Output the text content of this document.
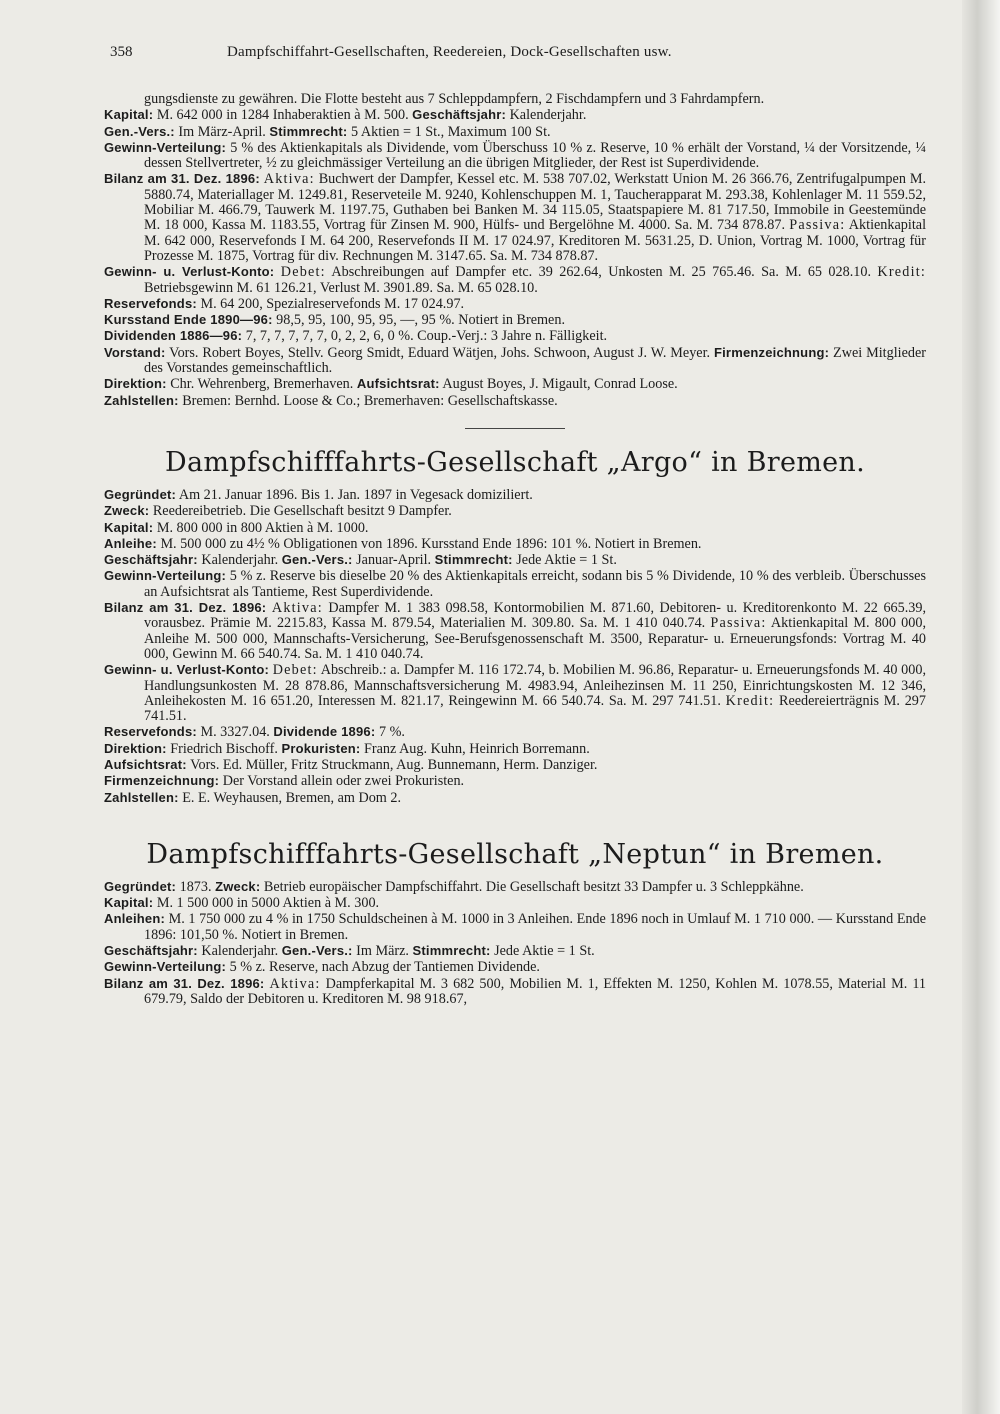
358	Dampfschiffahrt-Gesellschaften, Reedereien, Dock-Gesellschaften usw.

gungsdienste zu gewähren. Die Flotte besteht aus 7 Schleppdampfern, 2 Fischdampfern und 3 Fahrdampfern.

Kapital: M. 642 000 in 1284 Inhaberaktien à M. 500. Geschäftsjahr: Kalenderjahr.

Gen.-Vers.: Im März-April. Stimmrecht: 5 Aktien = 1 St., Maximum 100 St.

Gewinn-Verteilung: 5 % des Aktienkapitals als Dividende, vom Überschuss 10 % z. Reserve, 10 % erhält der Vorstand, ¼ der Vorsitzende, ¼ dessen Stellvertreter, ½ zu gleichmässiger Verteilung an die übrigen Mitglieder, der Rest ist Superdividende.

Bilanz am 31. Dez. 1896: Aktiva: Buchwert der Dampfer, Kessel etc. M. 538 707.02, Werkstatt Union M. 26 366.76, Zentrifugalpumpen M. 5880.74, Materiallager M. 1249.81, Reserveteile M. 9240, Kohlenschuppen M. 1, Taucherapparat M. 293.38, Kohlenlager M. 11 559.52, Mobiliar M. 466.79, Tauwerk M. 1197.75, Guthaben bei Banken M. 34 115.05, Staatspapiere M. 81 717.50, Immobile in Geestemünde M. 18 000, Kassa M. 1183.55, Vortrag für Zinsen M. 900, Hülfs- und Bergelöhne M. 4000. Sa. M. 734 878.87. Passiva: Aktienkapital M. 642 000, Reservefonds I M. 64 200, Reservefonds II M. 17 024.97, Kreditoren M. 5631.25, D. Union, Vortrag M. 1000, Vortrag für Prozesse M. 1875, Vortrag für div. Rechnungen M. 3147.65. Sa. M. 734 878.87.

Gewinn- u. Verlust-Konto: Debet: Abschreibungen auf Dampfer etc. 39 262.64, Unkosten M. 25 765.46. Sa. M. 65 028.10. Kredit: Betriebsgewinn M. 61 126.21, Verlust M. 3901.89. Sa. M. 65 028.10.

Reservefonds: M. 64 200, Spezialreservefonds M. 17 024.97.

Kursstand Ende 1890—96: 98,5, 95, 100, 95, 95, —, 95 %. Notiert in Bremen.

Dividenden 1886—96: 7, 7, 7, 7, 7, 7, 0, 2, 2, 6, 0 %. Coup.-Verj.: 3 Jahre n. Fälligkeit.

Vorstand: Vors. Robert Boyes, Stellv. Georg Smidt, Eduard Wätjen, Johs. Schwoon, August J. W. Meyer. Firmenzeichnung: Zwei Mitglieder des Vorstandes gemeinschaftlich.

Direktion: Chr. Wehrenberg, Bremerhaven. Aufsichtsrat: August Boyes, J. Migault, Conrad Loose.

Zahlstellen: Bremen: Bernhd. Loose & Co.; Bremerhaven: Gesellschaftskasse.

Dampfschifffahrts-Gesellschaft „Argo“ in Bremen.

Gegründet: Am 21. Januar 1896. Bis 1. Jan. 1897 in Vegesack domiziliert.

Zweck: Reedereibetrieb. Die Gesellschaft besitzt 9 Dampfer.

Kapital: M. 800 000 in 800 Aktien à M. 1000.

Anleihe: M. 500 000 zu 4½ % Obligationen von 1896. Kursstand Ende 1896: 101 %. Notiert in Bremen.

Geschäftsjahr: Kalenderjahr. Gen.-Vers.: Januar-April. Stimmrecht: Jede Aktie = 1 St.

Gewinn-Verteilung: 5 % z. Reserve bis dieselbe 20 % des Aktienkapitals erreicht, sodann bis 5 % Dividende, 10 % des verbleib. Überschusses an Aufsichtsrat als Tantieme, Rest Superdividende.

Bilanz am 31. Dez. 1896: Aktiva: Dampfer M. 1 383 098.58, Kontormobilien M. 871.60, Debitoren- u. Kreditorenkonto M. 22 665.39, vorausbez. Prämie M. 2215.83, Kassa M. 879.54, Materialien M. 309.80. Sa. M. 1 410 040.74. Passiva: Aktienkapital M. 800 000, Anleihe M. 500 000, Mannschafts-Versicherung, See-Berufsgenossenschaft M. 3500, Reparatur- u. Erneuerungsfonds: Vortrag M. 40 000, Gewinn M. 66 540.74. Sa. M. 1 410 040.74.

Gewinn- u. Verlust-Konto: Debet: Abschreib.: a. Dampfer M. 116 172.74, b. Mobilien M. 96.86, Reparatur- u. Erneuerungsfonds M. 40 000, Handlungsunkosten M. 28 878.86, Mannschaftsversicherung M. 4983.94, Anleihezinsen M. 11 250, Einrichtungskosten M. 12 346, Anleihekosten M. 16 651.20, Interessen M. 821.17, Reingewinn M. 66 540.74. Sa. M. 297 741.51. Kredit: Reedereierträgnis M. 297 741.51.

Reservefonds: M. 3327.04. Dividende 1896: 7 %.

Direktion: Friedrich Bischoff. Prokuristen: Franz Aug. Kuhn, Heinrich Borremann.

Aufsichtsrat: Vors. Ed. Müller, Fritz Struckmann, Aug. Bunnemann, Herm. Danziger.

Firmenzeichnung: Der Vorstand allein oder zwei Prokuristen.

Zahlstellen: E. E. Weyhausen, Bremen, am Dom 2.

Dampfschifffahrts-Gesellschaft „Neptun“ in Bremen.

Gegründet: 1873. Zweck: Betrieb europäischer Dampfschiffahrt. Die Gesellschaft besitzt 33 Dampfer u. 3 Schleppkähne.

Kapital: M. 1 500 000 in 5000 Aktien à M. 300.

Anleihen: M. 1 750 000 zu 4 % in 1750 Schuldscheinen à M. 1000 in 3 Anleihen. Ende 1896 noch in Umlauf M. 1 710 000. — Kursstand Ende 1896: 101,50 %. Notiert in Bremen.

Geschäftsjahr: Kalenderjahr. Gen.-Vers.: Im März. Stimmrecht: Jede Aktie = 1 St.

Gewinn-Verteilung: 5 % z. Reserve, nach Abzug der Tantiemen Dividende.

Bilanz am 31. Dez. 1896: Aktiva: Dampferkapital M. 3 682 500, Mobilien M. 1, Effekten M. 1250, Kohlen M. 1078.55, Material M. 11 679.79, Saldo der Debitoren u. Kreditoren M. 98 918.67,
